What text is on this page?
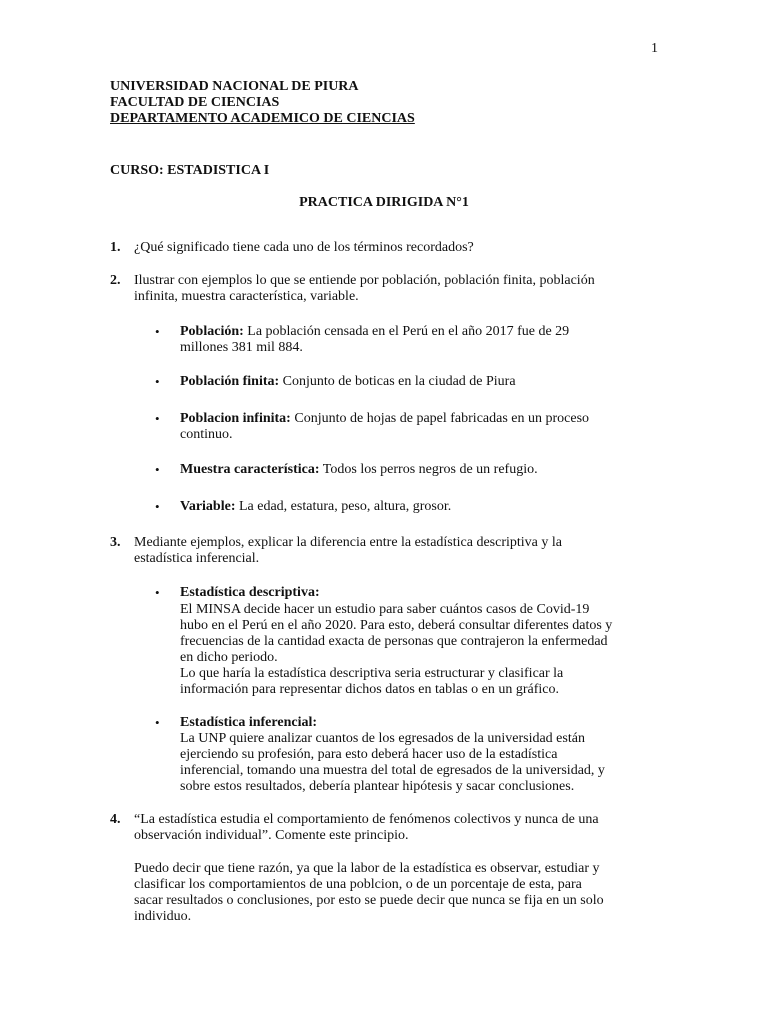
1
UNIVERSIDAD NACIONAL DE PIURA
FACULTAD DE CIENCIAS
DEPARTAMENTO ACADEMICO DE CIENCIAS
CURSO: ESTADISTICA I
PRACTICA DIRIGIDA N°1
1. ¿Qué significado tiene cada uno de los términos recordados?
2. Ilustrar con ejemplos lo que se entiende por población, población finita, población
infinita, muestra característica, variable.
• Población: La población censada en el Perú en el año 2017 fue de 29
millones 381 mil 884.
• Población finita: Conjunto de boticas en la ciudad de Piura
• Poblacion infinita: Conjunto de hojas de papel fabricadas en un proceso
continuo.
• Muestra característica: Todos los perros negros de un refugio.
• Variable: La edad, estatura, peso, altura, grosor.
3. Mediante ejemplos, explicar la diferencia entre la estadística descriptiva y la
estadística inferencial.
• Estadística descriptiva:
El MINSA decide hacer un estudio para saber cuántos casos de Covid-19
hubo en el Perú en el año 2020. Para esto, deberá consultar diferentes datos y
frecuencias de la cantidad exacta de personas que contrajeron la enfermedad
en dicho periodo.
Lo que haría la estadística descriptiva seria estructurar y clasificar la
información para representar dichos datos en tablas o en un gráfico.
• Estadística inferencial:
La UNP quiere analizar cuantos de los egresados de la universidad están
ejerciendo su profesión, para esto deberá hacer uso de la estadística
inferencial, tomando una muestra del total de egresados de la universidad, y
sobre estos resultados, debería plantear hipótesis y sacar conclusiones.
4. “La estadística estudia el comportamiento de fenómenos colectivos y nunca de una
observación individual”. Comente este principio.
Puedo decir que tiene razón, ya que la labor de la estadística es observar, estudiar y
clasificar los comportamientos de una poblcion, o de un porcentaje de esta, para
sacar resultados o conclusiones, por esto se puede decir que nunca se fija en un solo
individuo.
